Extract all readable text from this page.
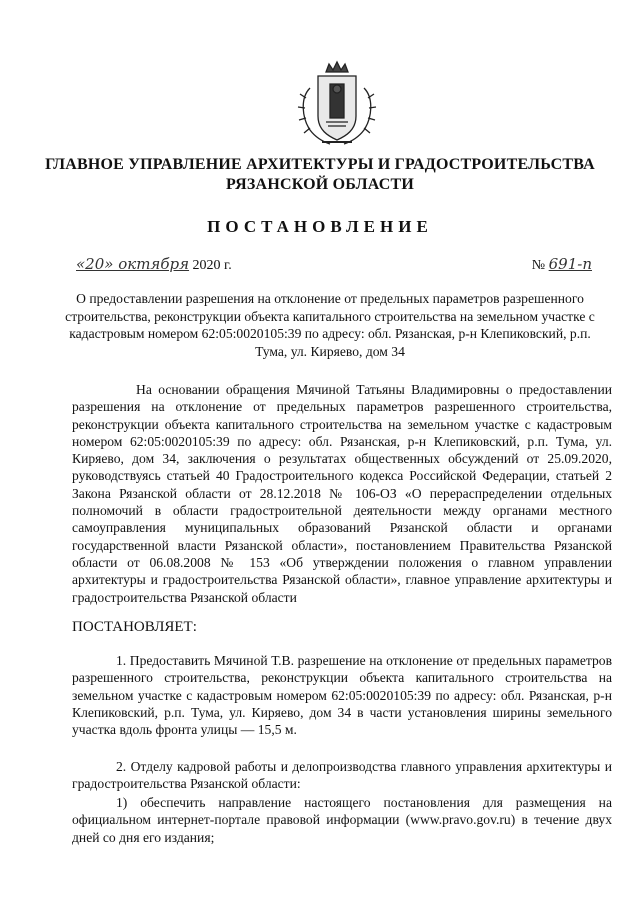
ГЛАВНОЕ УПРАВЛЕНИЕ АРХИТЕКТУРЫ И ГРАДОСТРОИТЕЛЬСТВА
РЯЗАНСКОЙ ОБЛАСТИ
ПОСТАНОВЛЕНИЕ
«20» октября 2020 г.	№ 691-п
О предоставлении разрешения на отклонение от предельных параметров разрешенного строительства, реконструкции объекта капитального строительства на земельном участке с кадастровым номером 62:05:0020105:39 по адресу: обл. Рязанская, р-н Клепиковский, р.п. Тума, ул. Киряево, дом 34
На основании обращения Мячиной Татьяны Владимировны о предоставлении разрешения на отклонение от предельных параметров разрешенного строительства, реконструкции объекта капитального строительства на земельном участке с кадастровым номером 62:05:0020105:39 по адресу: обл. Рязанская, р-н Клепиковский, р.п. Тума, ул. Киряево, дом 34, заключения о результатах общественных обсуждений от 25.09.2020, руководствуясь статьей 40 Градостроительного кодекса Российской Федерации, статьей 2 Закона Рязанской области от 28.12.2018 № 106-ОЗ «О перераспределении отдельных полномочий в области градостроительной деятельности между органами местного самоуправления муниципальных образований Рязанской области и органами государственной власти Рязанской области», постановлением Правительства Рязанской области от 06.08.2008 № 153 «Об утверждении положения о главном управлении архитектуры и градостроительства Рязанской области», главное управление архитектуры и градостроительства Рязанской области
ПОСТАНОВЛЯЕТ:
1. Предоставить Мячиной Т.В. разрешение на отклонение от предельных параметров разрешенного строительства, реконструкции объекта капитального строительства на земельном участке с кадастровым номером 62:05:0020105:39 по адресу: обл. Рязанская, р-н Клепиковский, р.п. Тума, ул. Киряево, дом 34 в части установления ширины земельного участка вдоль фронта улицы — 15,5 м.
2. Отделу кадровой работы и делопроизводства главного управления архитектуры и градостроительства Рязанской области:
1) обеспечить направление настоящего постановления для размещения на официальном интернет-портале правовой информации (www.pravo.gov.ru) в течение двух дней со дня его издания;
